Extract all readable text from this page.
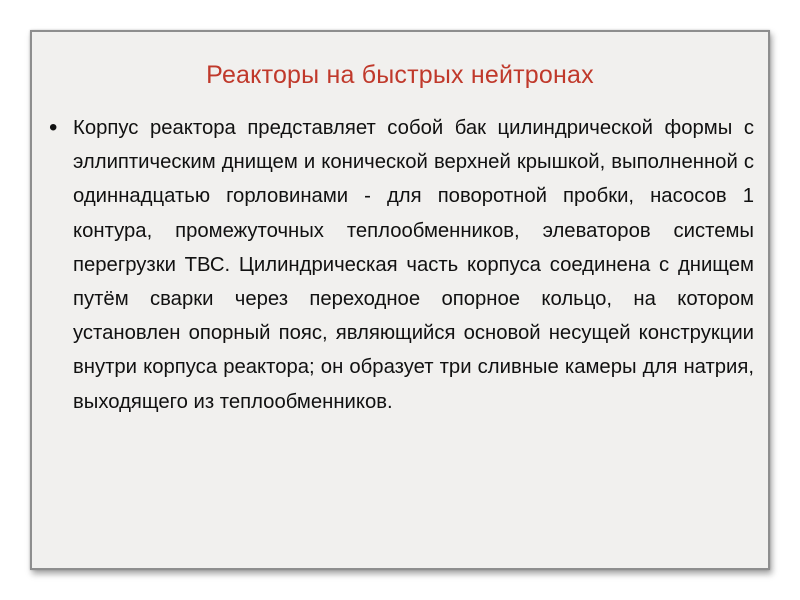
Реакторы на быстрых нейтронах
• Корпус реактора представляет собой бак цилиндрической формы с эллиптическим днищем и конической верхней крышкой, выполненной с одиннадцатью горловинами - для поворотной пробки, насосов 1 контура, промежуточных теплообменников, элеваторов системы перегрузки ТВС. Цилиндрическая часть корпуса соединена с днищем путём сварки через переходное опорное кольцо, на котором установлен опорный пояс, являющийся основой несущей конструкции внутри корпуса реактора; он образует три сливные камеры для натрия, выходящего из теплообменников.
